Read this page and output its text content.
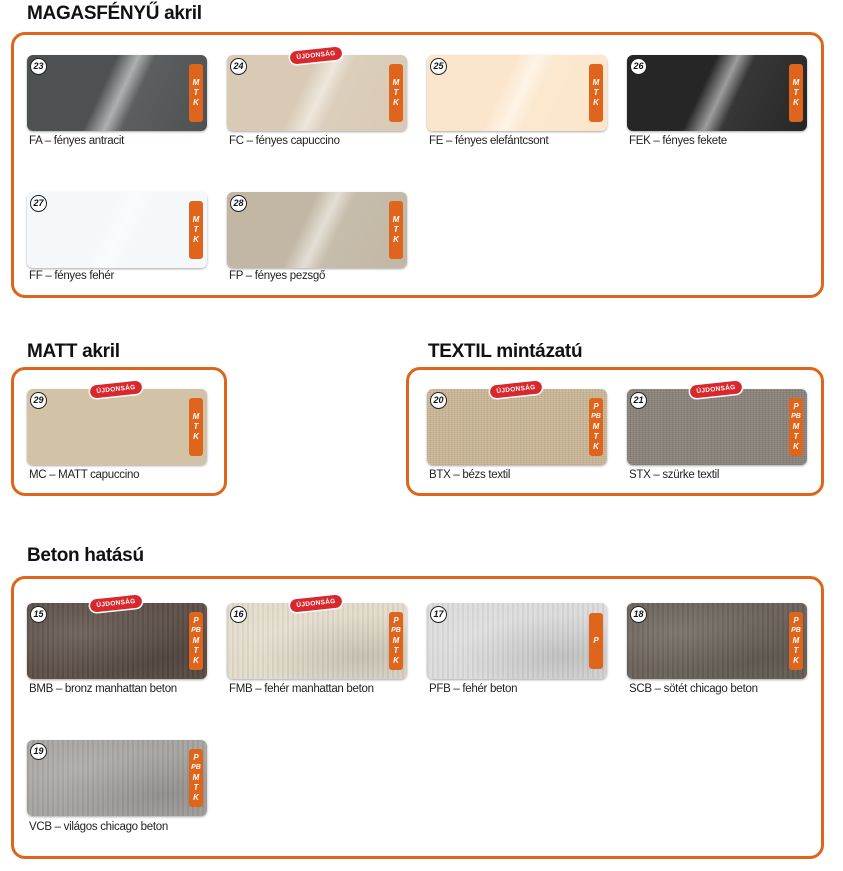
MAGASFÉNYŰ akril
MATT akril	TEXTIL mintázatú
Beton hatású
23
M
T
K
FA – fényes antracit
24
M
T
K
ÚJDONSÁG
FC – fényes capuccino
25
M
T
K
FE – fényes elefántcsont
26
M
T
K
FEK – fényes fekete
27
M
T
K
FF – fényes fehér
28
M
T
K
FP – fényes pezsgő
29
M
T
K
ÚJDONSÁG
MC – MATT capuccino
20
P
PB
M
T
K
ÚJDONSÁG
BTX – bézs textil
21
P
PB
M
T
K
ÚJDONSÁG
STX – szürke textil
15
P
PB
M
T
K
ÚJDONSÁG
BMB – bronz manhattan beton
16
P
PB
M
T
K
ÚJDONSÁG
FMB – fehér manhattan beton
17
P
PFB – fehér beton
18
P
PB
M
T
K
SCB – sötét chicago beton
19
P
PB
M
T
K
VCB – világos chicago beton
